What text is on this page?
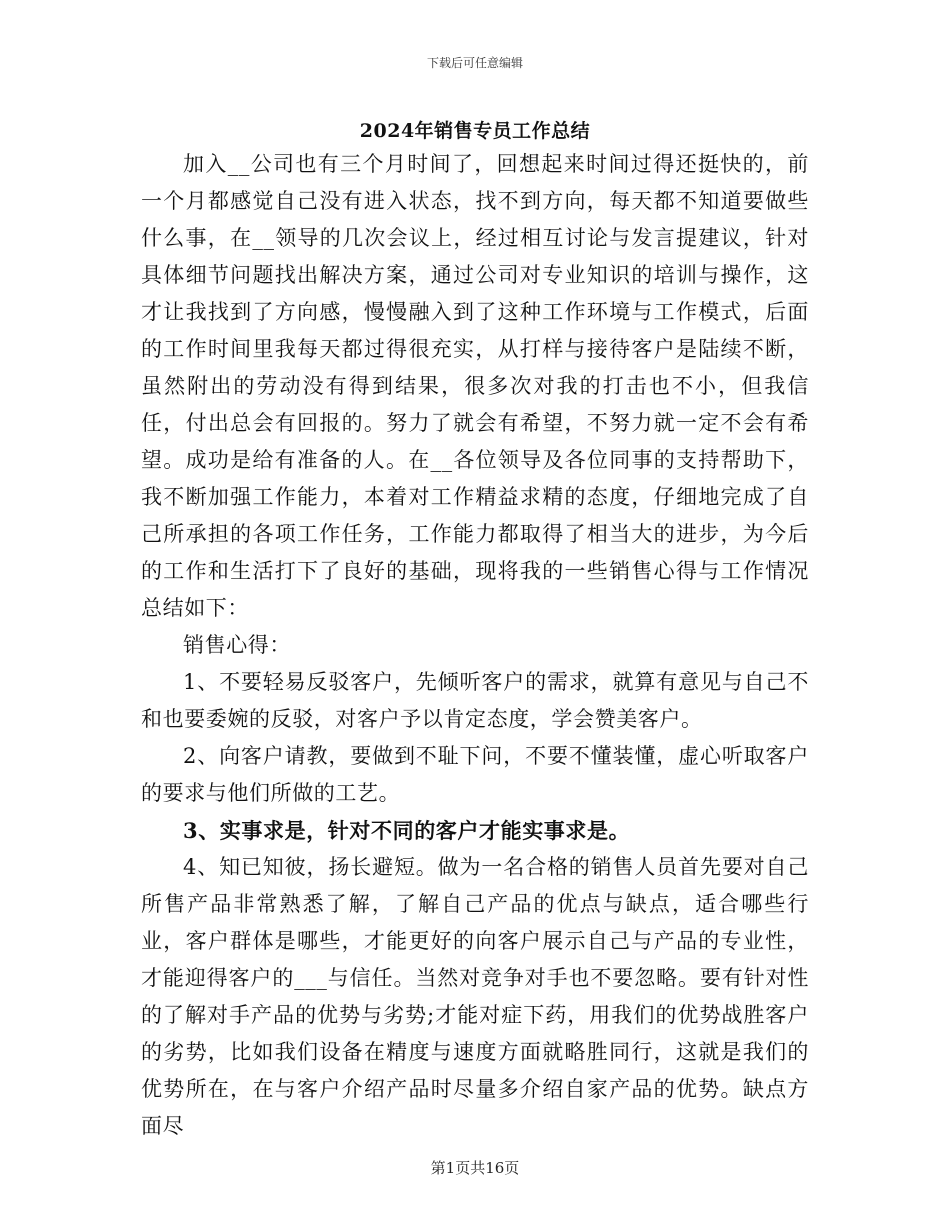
下载后可任意编辑
2024年销售专员工作总结

加入__公司也有三个月时间了，回想起来时间过得还挺快的，前一个月都感觉自己没有进入状态，找不到方向，每天都不知道要做些什么事，在__领导的几次会议上，经过相互讨论与发言提建议，针对具体细节问题找出解决方案，通过公司对专业知识的培训与操作，这才让我找到了方向感，慢慢融入到了这种工作环境与工作模式，后面的工作时间里我每天都过得很充实，从打样与接待客户是陆续不断，虽然附出的劳动没有得到结果，很多次对我的打击也不小，但我信任，付出总会有回报的。努力了就会有希望，不努力就一定不会有希望。成功是给有准备的人。在__各位领导及各位同事的支持帮助下，我不断加强工作能力，本着对工作精益求精的态度，仔细地完成了自己所承担的各项工作任务，工作能力都取得了相当大的进步，为今后的工作和生活打下了良好的基础，现将我的一些销售心得与工作情况总结如下：

销售心得：

1、不要轻易反驳客户，先倾听客户的需求，就算有意见与自己不和也要委婉的反驳，对客户予以肯定态度，学会赞美客户。

2、向客户请教，要做到不耻下问，不要不懂装懂，虚心听取客户的要求与他们所做的工艺。

3、实事求是，针对不同的客户才能实事求是。

4、知已知彼，扬长避短。做为一名合格的销售人员首先要对自己所售产品非常熟悉了解，了解自己产品的优点与缺点，适合哪些行业，客户群体是哪些，才能更好的向客户展示自己与产品的专业性，才能迎得客户的___与信任。当然对竞争对手也不要忽略。要有针对性的了解对手产品的优势与劣势;才能对症下药，用我们的优势战胜客户的劣势，比如我们设备在精度与速度方面就略胜同行，这就是我们的优势所在，在与客户介绍产品时尽量多介绍自家产品的优势。缺点方面尽

第1页共16页
